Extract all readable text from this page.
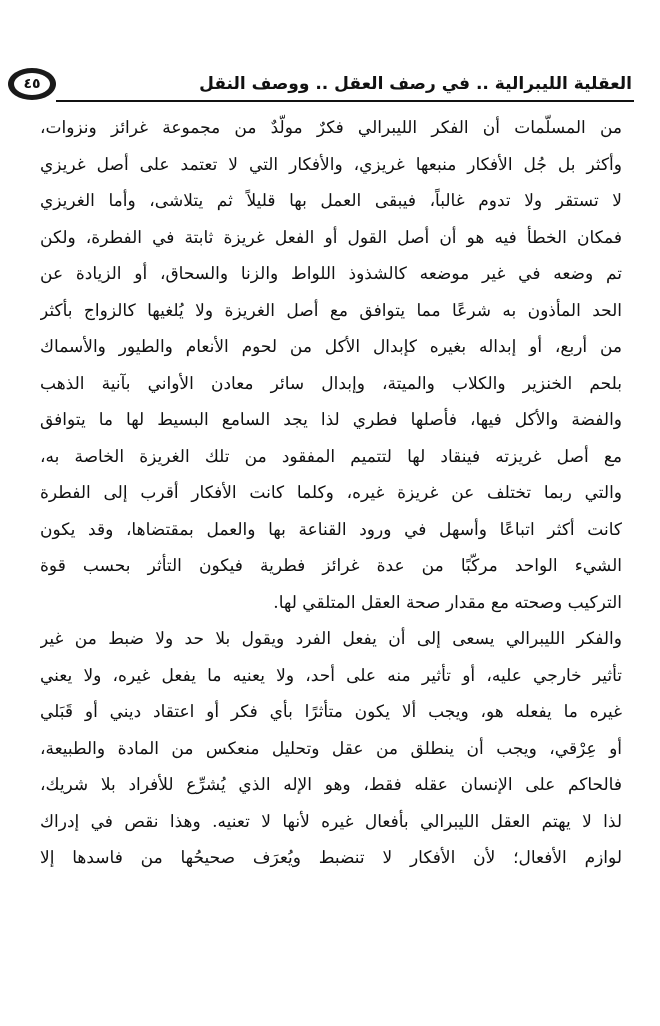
٤٥	العقلية الليبرالية .. في رصف العقل .. ووصف النقل
من المسلّمات أن الفكر الليبرالي فكرٌ مولّدٌ من مجموعة غرائز ونزوات،
وأكثر بل جُل الأفكار منبعها غريزي، والأفكار التي لا تعتمد على أصل غريزي
لا تستقر ولا تدوم غالباً، فيبقى العمل بها قليلاً ثم يتلاشى، وأما الغريزي
فمكان الخطأ فيه هو أن أصل القول أو الفعل غريزة ثابتة في الفطرة، ولكن
تم وضعه في غير موضعه كالشذوذ اللواط والزنا والسحاق، أو الزيادة عن
الحد المأذون به شرعًا مما يتوافق مع أصل الغريزة ولا يُلغيها كالزواج بأكثر
من أربع، أو إبداله بغيره كإبدال الأكل من لحوم الأنعام والطيور والأسماك
بلحم الخنزير والكلاب والميتة، وإبدال سائر معادن الأواني بآنية الذهب
والفضة والأكل فيها، فأصلها فطري لذا يجد السامع البسيط لها ما يتوافق
مع أصل غريزته فينقاد لها لتتميم المفقود من تلك الغريزة الخاصة به،
والتي ربما تختلف عن غريزة غيره، وكلما كانت الأفكار أقرب إلى الفطرة
كانت أكثر اتباعًا وأسهل في ورود القناعة بها والعمل بمقتضاها، وقد يكون
الشيء الواحد مركّبًا من عدة غرائز فطرية فيكون التأثر بحسب قوة
التركيب وصحته مع مقدار صحة العقل المتلقي لها.
والفكر الليبرالي يسعى إلى أن يفعل الفرد ويقول بلا حد ولا ضبط من غير
تأثير خارجي عليه، أو تأثير منه على أحد، ولا يعنيه ما يفعل غيره، ولا يعني
غيره ما يفعله هو، ويجب ألا يكون متأثرًا بأي فكر أو اعتقاد ديني أو قَبَلي
أو عِرْقي، ويجب أن ينطلق من عقل وتحليل منعكس من المادة والطبيعة،
فالحاكم على الإنسان عقله فقط، وهو الإله الذي يُشرِّع للأفراد بلا شريك،
لذا لا يهتم العقل الليبرالي بأفعال غيره لأنها لا تعنيه. وهذا نقص في إدراك
لوازم الأفعال؛ لأن الأفكار لا تنضبط ويُعرَف صحيحُها من فاسدها إلا
